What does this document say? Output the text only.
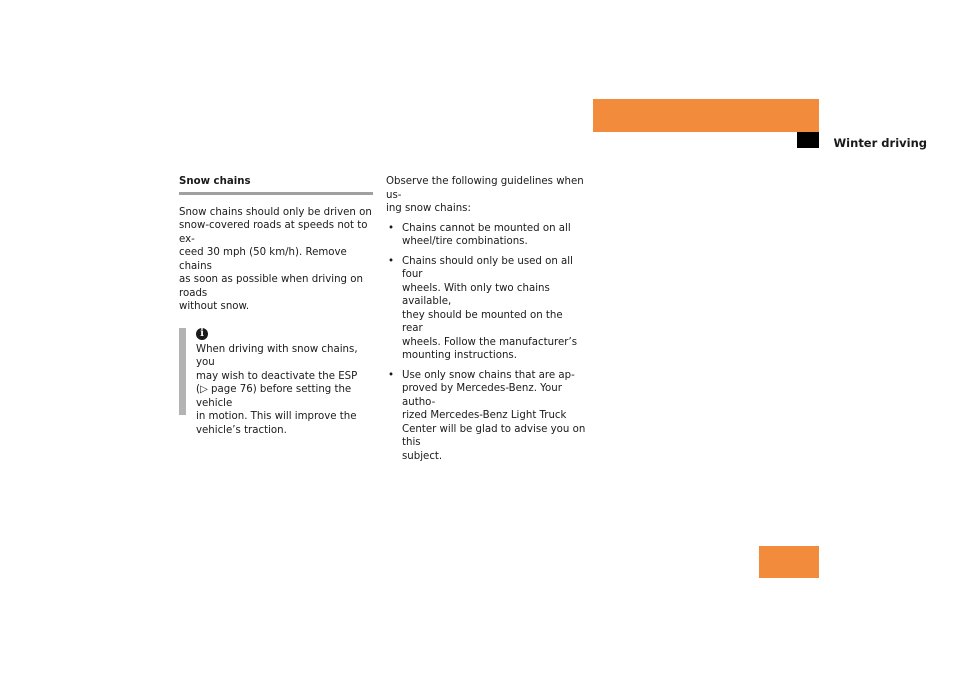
Operation
Winter driving
Snow chains

Snow chains should only be driven on
snow-covered roads at speeds not to ex-
ceed 30 mph (50 km/h). Remove chains
as soon as possible when driving on roads
without snow.

i

When driving with snow chains, you
may wish to deactivate the ESP
(▷ page 76) before setting the vehicle
in motion. This will improve the
vehicle’s traction.

Observe the following guidelines when us-
ing snow chains:

• Chains cannot be mounted on all
wheel/tire combinations.
• Chains should only be used on all four
wheels. With only two chains available,
they should be mounted on the rear
wheels. Follow the manufacturer’s
mounting instructions.
• Use only snow chains that are ap-
proved by Mercedes-Benz. Your autho-
rized Mercedes-Benz Light Truck
Center will be glad to advise you on this
subject.
229
